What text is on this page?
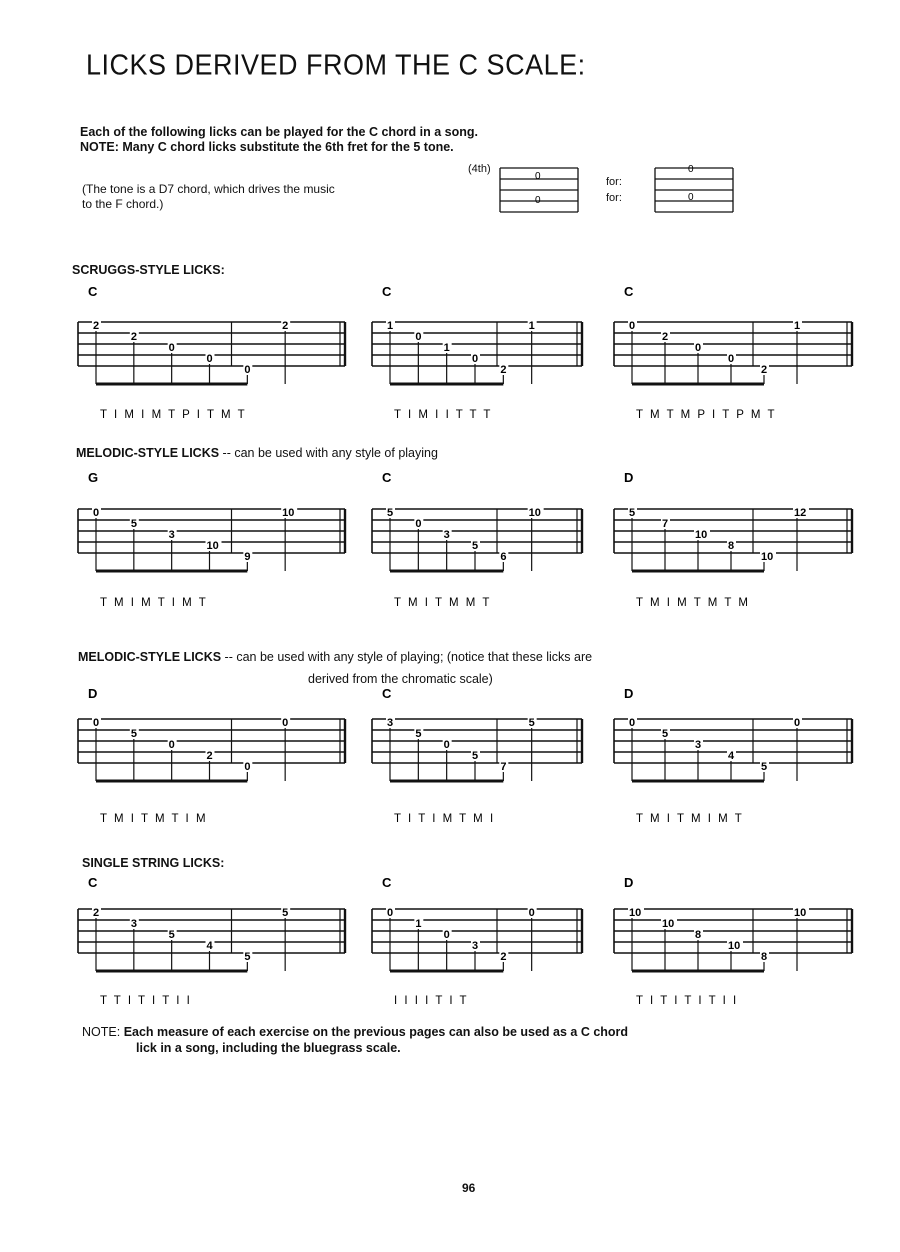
LICKS DERIVED FROM THE C SCALE:
Each of the following licks can be played for the C chord in a song.
NOTE: Many C chord licks substitute the 6th fret for the 5 tone.
(The tone is a D7 chord, which drives the music
to the F chord.)
(4th)
for:
for:
SCRUGGS-STYLE LICKS:
MELODIC-STYLE LICKS -- can be used with any style of playing
MELODIC-STYLE LICKS -- can be used with any style of playing; (notice that these licks are
derived from the chromatic scale)
SINGLE STRING LICKS:
0
0
0
0
2
2
0
0
0
2
C
T I M I M T P I T M T
1
0
1
0
2
1
C
T I M I I T T T
0
2
0
0
2
1
C
T M T M P I T P M T
0
5
3
10
9
10
G
T M I M T I M T
5
0
3
5
6
10
C
T M I T M M T
5
7
10
8
10
12
D
T M I M T M T M
0
5
0
2
0
0
D
T M I T M T I M
3
5
0
5
7
5
C
T I T I M T M I
0
5
3
4
5
0
D
T M I T M I M T
2
3
5
4
5
5
C
T T I T I T I I
0
1
0
3
2
0
C
I I I I T I T
10
10
8
10
8
10
D
T I T I T I T I I
NOTE: Each measure of each exercise on the previous pages can also be used as a C chord
lick in a song, including the bluegrass scale.
96
